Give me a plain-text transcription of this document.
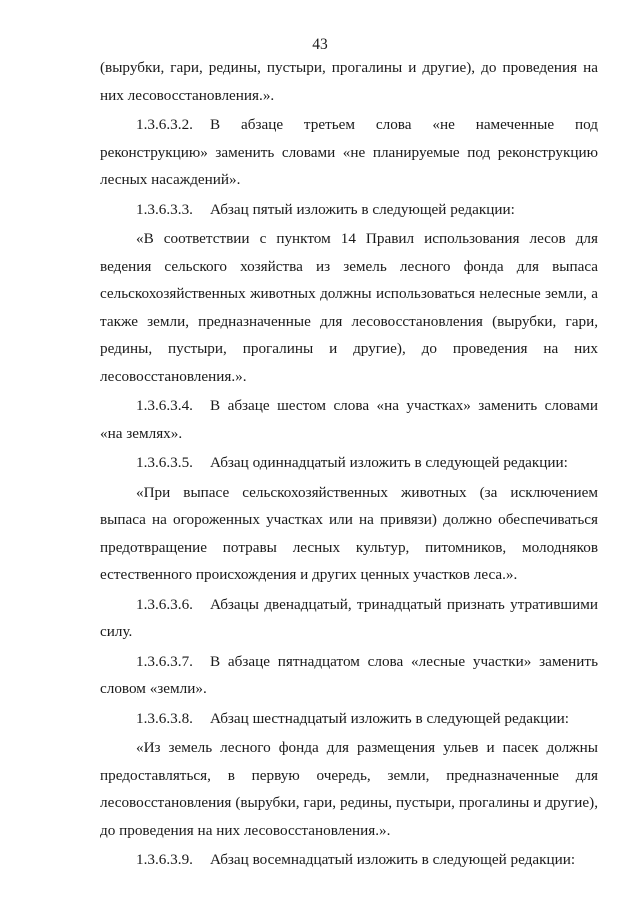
43

(вырубки, гари, редины, пустыри, прогалины и другие), до проведения на них лесовосстановления.».

1.3.6.3.2. В абзаце третьем слова «не намеченные под реконструкцию» заменить словами «не планируемые под реконструкцию лесных насаждений».

1.3.6.3.3. Абзац пятый изложить в следующей редакции:

«В соответствии с пунктом 14 Правил использования лесов для ведения сельского хозяйства из земель лесного фонда для выпаса сельскохозяйственных животных должны использоваться нелесные земли, а также земли, предназначенные для лесовосстановления (вырубки, гари, редины, пустыри, прогалины и другие), до проведения на них лесовосстановления.».

1.3.6.3.4. В абзаце шестом слова «на участках» заменить словами «на землях».

1.3.6.3.5. Абзац одиннадцатый изложить в следующей редакции:

«При выпасе сельскохозяйственных животных (за исключением выпаса на огороженных участках или на привязи) должно обеспечиваться предотвращение потравы лесных культур, питомников, молодняков естественного происхождения и других ценных участков леса.».

1.3.6.3.6. Абзацы двенадцатый, тринадцатый признать утратившими силу.

1.3.6.3.7. В абзаце пятнадцатом слова «лесные участки» заменить словом «земли».

1.3.6.3.8. Абзац шестнадцатый изложить в следующей редакции:

«Из земель лесного фонда для размещения ульев и пасек должны предоставляться, в первую очередь, земли, предназначенные для лесовосстановления (вырубки, гари, редины, пустыри, прогалины и другие), до проведения на них лесовосстановления.».

1.3.6.3.9. Абзац восемнадцатый изложить в следующей редакции:
